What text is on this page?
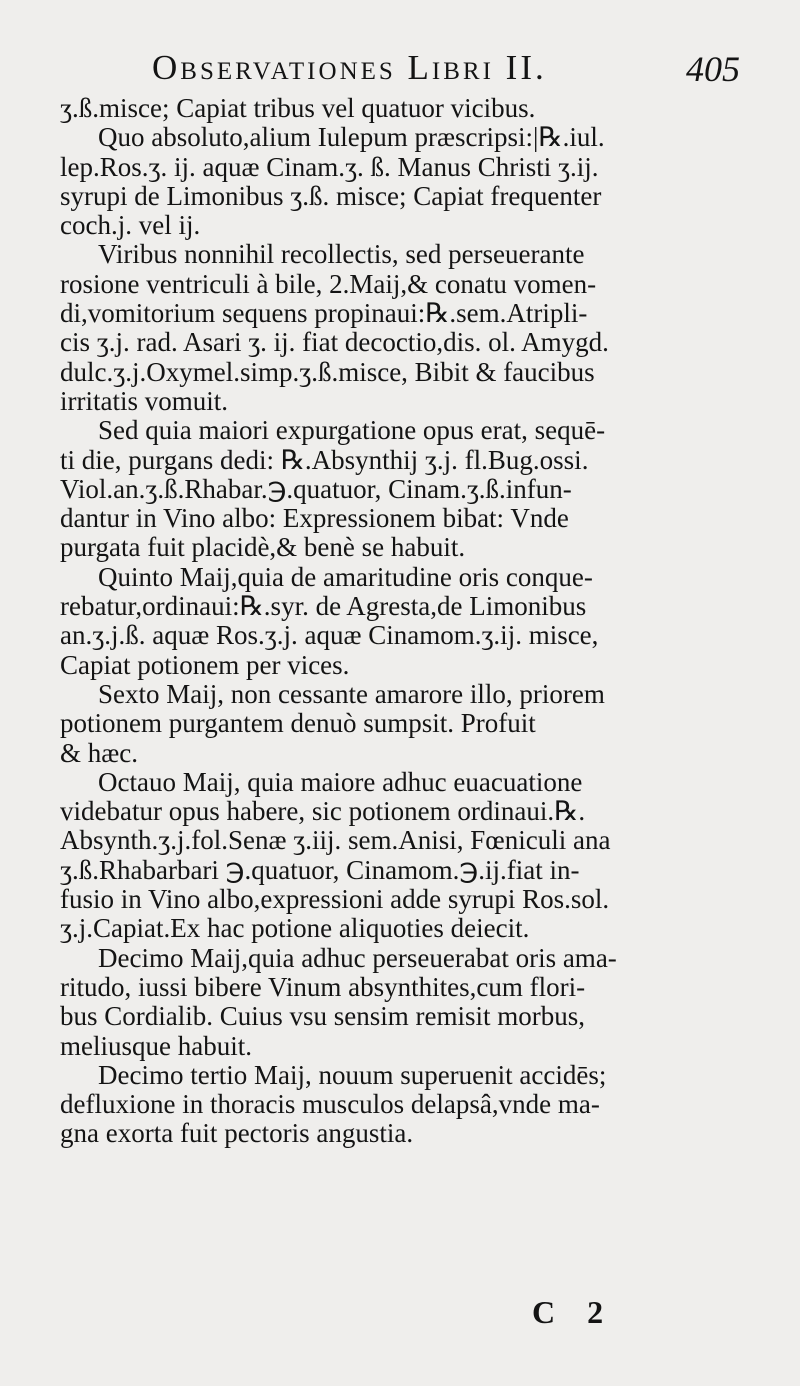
Observationes Libri II.	405
ʒ.ß.misce; Capiat tribus vel quatuor vicibus.
Quo absoluto,alium Iulepum præscripsi:|℞.iul.
lep.Ros.ʒ. ij. aquæ Cinam.ʒ. ß. Manus Christi ʒ.ij.
syrupi de Limonibus ʒ.ß. misce; Capiat frequenter
coch.j. vel ij.
Viribus nonnihil recollectis, sed perseuerante
rosione ventriculi à bile, 2.Maij,& conatu vomen-
di,vomitorium sequens propinaui:℞.sem.Atripli-
cis ʒ.j. rad. Asari ʒ. ij. fiat decoctio,dis. ol. Amygd.
dulc.ʒ.j.Oxymel.simp.ʒ.ß.misce, Bibit & faucibus
irritatis vomuit.
Sed quia maiori expurgatione opus erat, sequē-
ti die, purgans dedi: ℞.Absynthij ʒ.j. fl.Bug.ossi.
Viol.an.ʒ.ß.Rhabar.℈.quatuor, Cinam.ʒ.ß.infun-
dantur in Vino albo: Expressionem bibat: Vnde
purgata fuit placidè,& benè se habuit.
Quinto Maij,quia de amaritudine oris conque-
rebatur,ordinaui:℞.syr. de Agresta,de Limonibus
an.ʒ.j.ß. aquæ Ros.ʒ.j. aquæ Cinamom.ʒ.ij. misce,
Capiat potionem per vices.
Sexto Maij, non cessante amarore illo, priorem
potionem purgantem denuò sumpsit. Profuit
& hæc.
Octauo Maij, quia maiore adhuc euacuatione
videbatur opus habere, sic potionem ordinaui.℞.
Absynth.ʒ.j.fol.Senæ ʒ.iij. sem.Anisi, Fœniculi ana
ʒ.ß.Rhabarbari ℈.quatuor, Cinamom.℈.ij.fiat in-
fusio in Vino albo,expressioni adde syrupi Ros.sol.
ʒ.j.Capiat.Ex hac potione aliquoties deiecit.
Decimo Maij,quia adhuc perseuerabat oris ama-
ritudo, iussi bibere Vinum absynthites,cum flori-
bus Cordialib. Cuius vsu sensim remisit morbus,
meliusque habuit.
Decimo tertio Maij, nouum superuenit accidēs;
defluxione in thoracis musculos delapsâ,vnde ma-
gna exorta fuit pectoris angustia.
C 2
